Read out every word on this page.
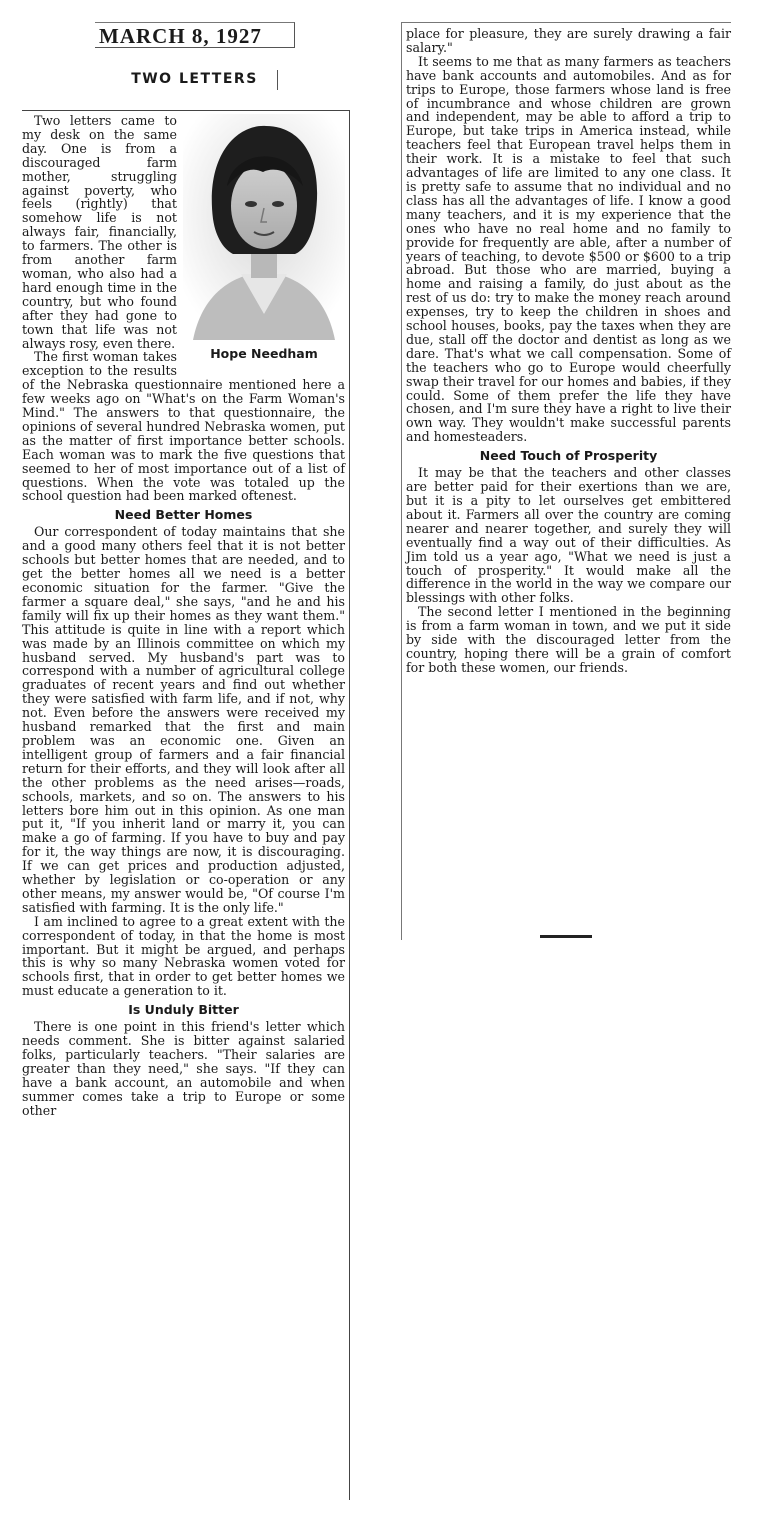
MARCH 8, 1927
TWO LETTERS
Hope Needham

Two letters came to my desk on the same day. One is from a discouraged farm mother, struggling against poverty, who feels (rightly) that somehow life is not always fair, financially, to farmers. The other is from another farm woman, who also had a hard enough time in the country, but who found after they had gone to town that life was not always rosy, even there.

The first woman takes exception to the results of the Nebraska questionnaire mentioned here a few weeks ago on "What's on the Farm Woman's Mind." The answers to that questionnaire, the opinions of several hundred Nebraska women, put as the matter of first importance better schools. Each woman was to mark the five questions that seemed to her of most importance out of a list of questions. When the vote was totaled up the school question had been marked oftenest.

Need Better Homes

Our correspondent of today maintains that she and a good many others feel that it is not better schools but better homes that are needed, and to get the better homes all we need is a better economic situation for the farmer. "Give the farmer a square deal," she says, "and he and his family will fix up their homes as they want them." This attitude is quite in line with a report which was made by an Illinois committee on which my husband served. My husband's part was to correspond with a number of agricultural college graduates of recent years and find out whether they were satisfied with farm life, and if not, why not. Even before the answers were received my husband remarked that the first and main problem was an economic one. Given an intelligent group of farmers and a fair financial return for their efforts, and they will look after all the other problems as the need arises—roads, schools, markets, and so on. The answers to his letters bore him out in this opinion. As one man put it, "If you inherit land or marry it, you can make a go of farming. If you have to buy and pay for it, the way things are now, it is discouraging. If we can get prices and production adjusted, whether by legislation or co-operation or any other means, my answer would be, "Of course I'm satisfied with farming. It is the only life."

I am inclined to agree to a great extent with the correspondent of today, in that the home is most important. But it might be argued, and perhaps this is why so many Nebraska women voted for schools first, that in order to get better homes we must educate a generation to it.

Is Unduly Bitter

There is one point in this friend's letter which needs comment. She is bitter against salaried folks, particularly teachers. "Their salaries are greater than they need," she says. "If they can have a bank account, an automobile and when summer comes take a trip to Europe or some other

place for pleasure, they are surely drawing a fair salary."

It seems to me that as many farmers as teachers have bank accounts and automobiles. And as for trips to Europe, those farmers whose land is free of incumbrance and whose children are grown and independent, may be able to afford a trip to Europe, but take trips in America instead, while teachers feel that European travel helps them in their work. It is a mistake to feel that such advantages of life are limited to any one class. It is pretty safe to assume that no individual and no class has all the advantages of life. I know a good many teachers, and it is my experience that the ones who have no real home and no family to provide for frequently are able, after a number of years of teaching, to devote $500 or $600 to a trip abroad. But those who are married, buying a home and raising a family, do just about as the rest of us do: try to make the money reach around expenses, try to keep the children in shoes and school houses, books, pay the taxes when they are due, stall off the doctor and dentist as long as we dare. That's what we call compensation. Some of the teachers who go to Europe would cheerfully swap their travel for our homes and babies, if they could. Some of them prefer the life they have chosen, and I'm sure they have a right to live their own way. They wouldn't make successful parents and homesteaders.

Need Touch of Prosperity

It may be that the teachers and other classes are better paid for their exertions than we are, but it is a pity to let ourselves get embittered about it. Farmers all over the country are coming nearer and nearer together, and surely they will eventually find a way out of their difficulties. As Jim told us a year ago, "What we need is just a touch of prosperity." It would make all the difference in the world in the way we compare our blessings with other folks.

The second letter I mentioned in the beginning is from a farm woman in town, and we put it side by side with the discouraged letter from the country, hoping there will be a grain of comfort for both these women, our friends.
